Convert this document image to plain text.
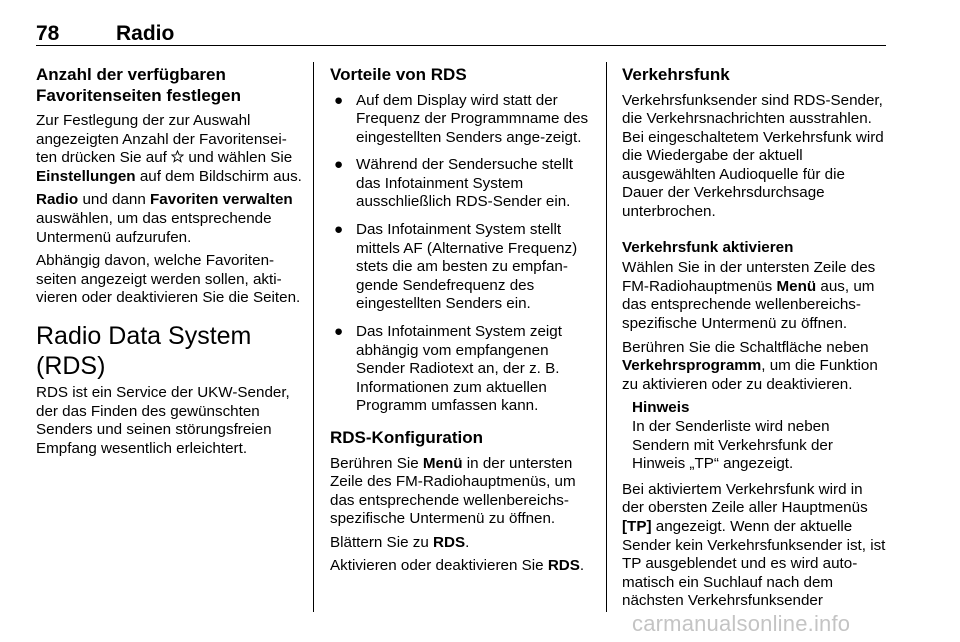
78	Radio
Anzahl der verfügbaren Favoritenseiten festlegen

Zur Festlegung der zur Auswahl angezeigten Anzahl der Favoritensei-ten drücken Sie auf und wählen Sie Einstellungen auf dem Bildschirm aus.

Radio und dann Favoriten verwalten auswählen, um das entsprechende Untermenü aufzurufen.

Abhängig davon, welche Favoriten-seiten angezeigt werden sollen, akti-vieren oder deaktivieren Sie die Seiten.

Radio Data System (RDS)

RDS ist ein Service der UKW-Sender, der das Finden des gewünschten Senders und seinen störungsfreien Empfang wesentlich erleichtert.

Vorteile von RDS
● Auf dem Display wird statt der Frequenz der Programmname des eingestellten Senders ange-zeigt.
● Während der Sendersuche stellt das Infotainment System ausschließlich RDS-Sender ein.
● Das Infotainment System stellt mittels AF (Alternative Frequenz) stets die am besten zu empfan-gende Sendefrequenz des eingestellten Senders ein.
● Das Infotainment System zeigt abhängig vom empfangenen Sender Radiotext an, der z. B. Informationen zum aktuellen Programm umfassen kann.
RDS-Konfiguration

Berühren Sie Menü in der untersten Zeile des FM-Radiohauptmenüs, um das entsprechende wellenbereichs-spezifische Untermenü zu öffnen.

Blättern Sie zu RDS.

Aktivieren oder deaktivieren Sie RDS.

Verkehrsfunk

Verkehrsfunksender sind RDS-Sender, die Verkehrsnachrichten ausstrahlen. Bei eingeschaltetem Verkehrsfunk wird die Wiedergabe der aktuell ausgewählten Audioquelle für die Dauer der Verkehrsdurchsage unterbrochen.

Verkehrsfunk aktivieren

Wählen Sie in der untersten Zeile des FM-Radiohauptmenüs Menü aus, um das entsprechende wellenbereichs-spezifische Untermenü zu öffnen.

Berühren Sie die Schaltfläche neben Verkehrsprogramm, um die Funktion zu aktivieren oder zu deaktivieren.

Hinweis
In der Senderliste wird neben Sendern mit Verkehrsfunk der Hinweis „TP“ angezeigt.

Bei aktiviertem Verkehrsfunk wird in der obersten Zeile aller Hauptmenüs [TP] angezeigt. Wenn der aktuelle Sender kein Verkehrsfunksender ist, ist TP ausgeblendet und es wird auto-matisch ein Suchlauf nach dem nächsten Verkehrsfunksender

carmanualsonline.info
